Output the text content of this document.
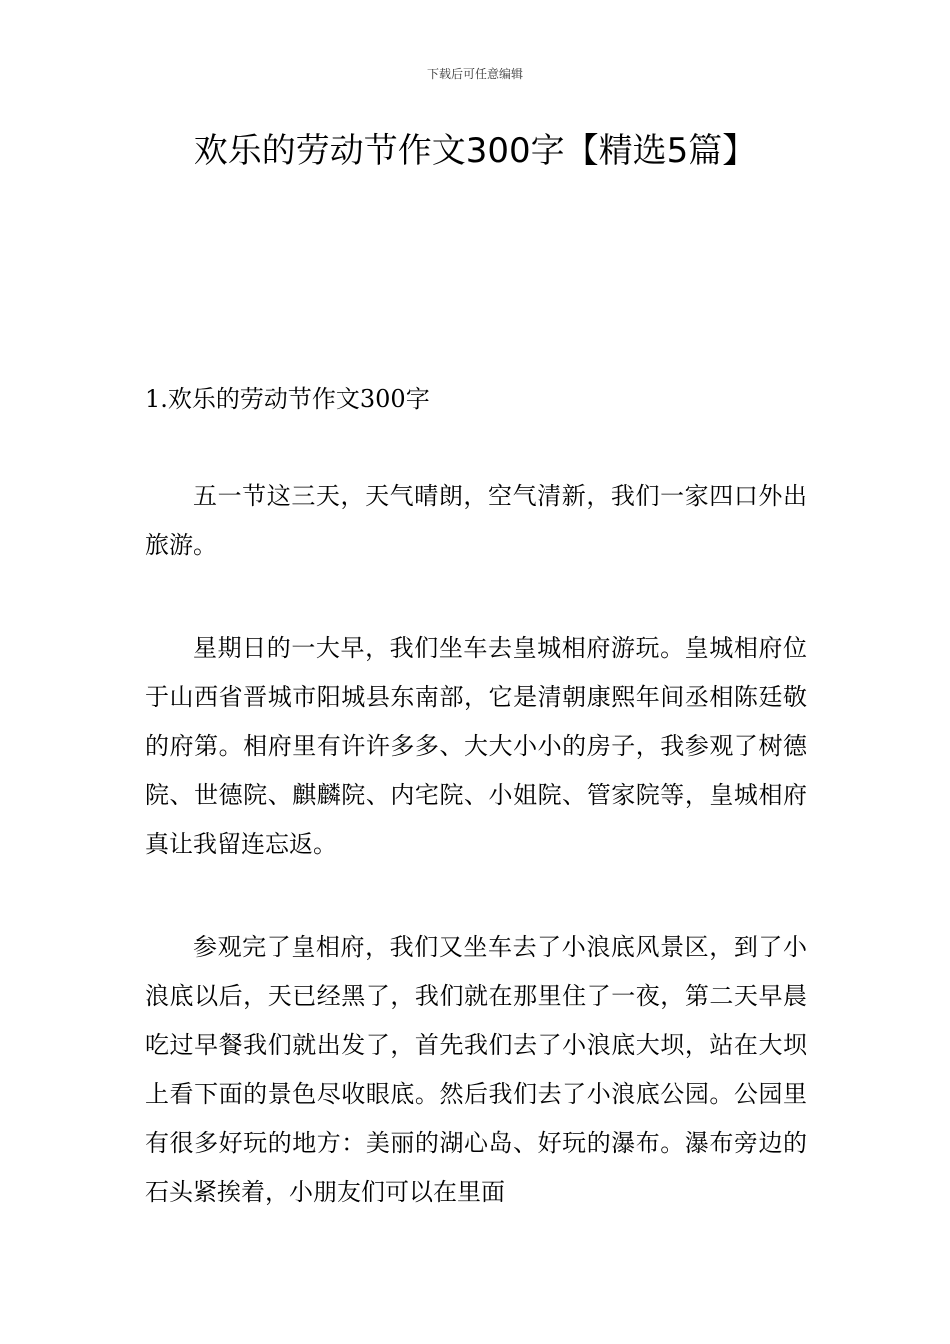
下载后可任意编辑
欢乐的劳动节作文300字【精选5篇】

1.欢乐的劳动节作文300字

五一节这三天，天气晴朗，空气清新，我们一家四口外出旅游。

星期日的一大早，我们坐车去皇城相府游玩。皇城相府位于山西省晋城市阳城县东南部，它是清朝康熙年间丞相陈廷敬的府第。相府里有许许多多、大大小小的房子，我参观了树德院、世德院、麒麟院、内宅院、小姐院、管家院等，皇城相府真让我留连忘返。

参观完了皇相府，我们又坐车去了小浪底风景区，到了小浪底以后，天已经黑了，我们就在那里住了一夜，第二天早晨吃过早餐我们就出发了，首先我们去了小浪底大坝，站在大坝上看下面的景色尽收眼底。然后我们去了小浪底公园。公园里有很多好玩的地方：美丽的湖心岛、好玩的瀑布。瀑布旁边的石头紧挨着，小朋友们可以在里面
